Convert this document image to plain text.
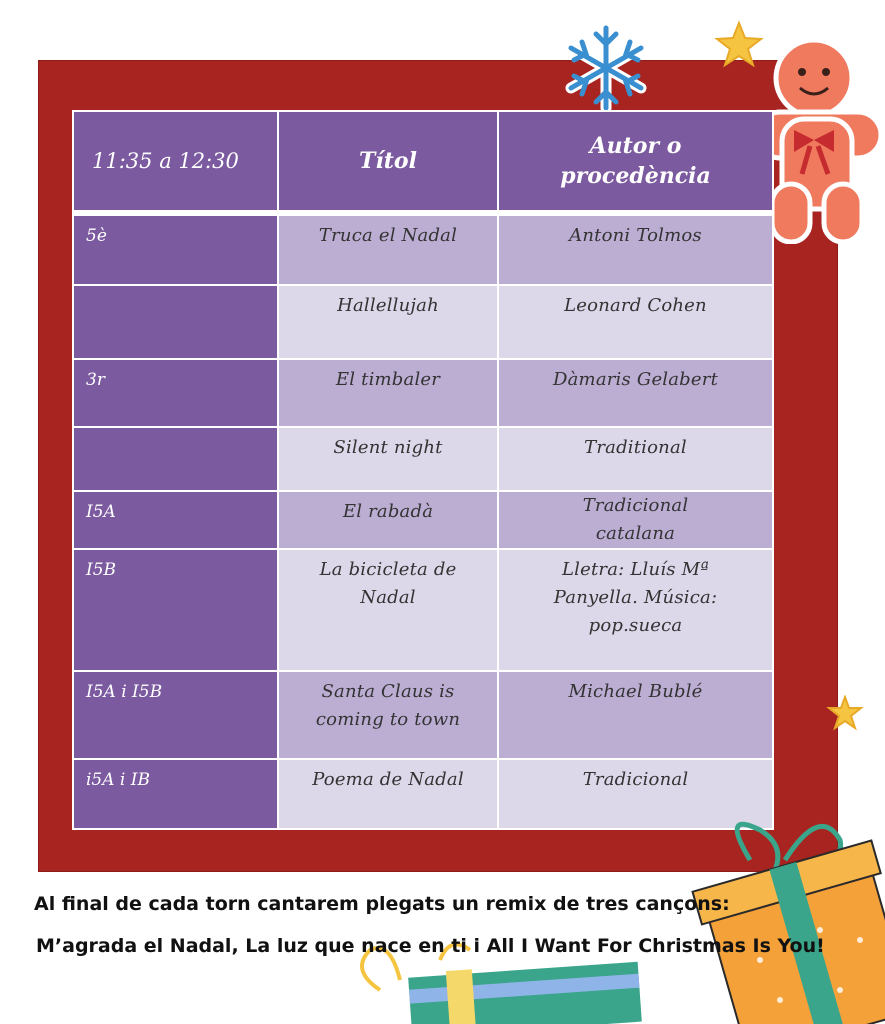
11:35 a 12:30	Títol	Autor o procedència
5è	Truca el Nadal	Antoni Tolmos
	Hallellujah	Leonard Cohen
3r	El timbaler	Dàmaris Gelabert
	Silent night	Traditional
I5A	El rabadà	Tradicional catalana
I5B	La bicicleta de Nadal	Lletra: Lluís Mª Panyella. Música: pop.sueca
I5A i I5B	Santa Claus is coming to town	Michael Bublé
i5A i IB	Poema de Nadal	Tradicional
Al final de cada torn cantarem plegats un remix de tres cançons:
M’agrada el Nadal, La luz que nace en ti i All I Want For Christmas Is You!
